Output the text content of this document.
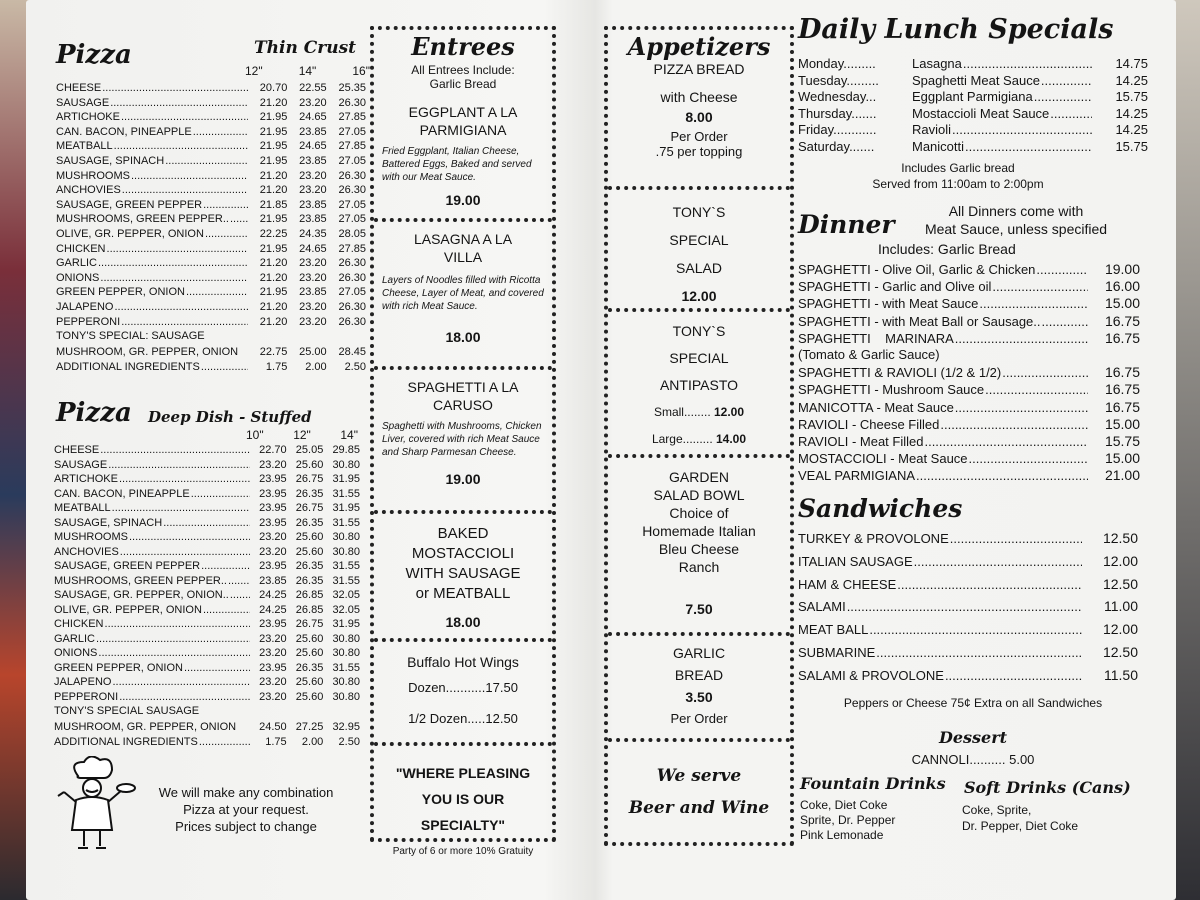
Pizza	Thin Crust
12"	14"	16"
CHEESE .....	20.70	22.55	25.35
SAUSAGE .....	21.20	23.20	26.30
ARTICHOKE .....	21.95	24.65	27.85
CAN. BACON, PINEAPPLE .....	21.95	23.85	27.05
MEATBALL .....	21.95	24.65	27.85
SAUSAGE, SPINACH .....	21.95	23.85	27.05
MUSHROOMS .....	21.20	23.20	26.30
ANCHOVIES .....	21.20	23.20	26.30
SAUSAGE, GREEN PEPPER .....	21.85	23.85	27.05
MUSHROOMS, GREEN PEPPER.. .....	21.95	23.85	27.05
OLIVE, GR. PEPPER, ONION .....	22.25	24.35	28.05
CHICKEN .....	21.95	24.65	27.85
GARLIC .....	21.20	23.20	26.30
ONIONS .....	21.20	23.20	26.30
GREEN PEPPER, ONION .....	21.95	23.85	27.05
JALAPENO .....	21.20	23.20	26.30
PEPPERONI .....	21.20	23.20	26.30
TONY'S SPECIAL: SAUSAGE
MUSHROOM, GR. PEPPER, ONION	22.75	25.00	28.45
ADDITIONAL INGREDIENTS .....	1.75	2.00	2.50
Pizza Deep Dish - Stuffed
10" 12" 14"
CHEESE .....	22.70 25.05 29.85
SAUSAGE .....	23.20 25.60 30.80
ARTICHOKE .....	23.95 26.75 31.95
CAN. BACON, PINEAPPLE .....	23.95 26.35 31.55
MEATBALL .....	23.95 26.75 31.95
SAUSAGE, SPINACH .....	23.95 26.35 31.55
MUSHROOMS .....	23.20 25.60 30.80
ANCHOVIES .....	23.20 25.60 30.80
SAUSAGE, GREEN PEPPER .....	23.95 26.35 31.55
MUSHROOMS, GREEN PEPPER.. .....	23.85 26.35 31.55
SAUSAGE, GR. PEPPER, ONION.. .....	24.25 26.85 32.05
OLIVE, GR. PEPPER, ONION .....	24.25 26.85 32.05
CHICKEN .....	23.95 26.75 31.95
GARLIC .....	23.20 25.60 30.80
ONIONS .....	23.20 25.60 30.80
GREEN PEPPER, ONION .....	23.95 26.35 31.55
JALAPENO .....	23.20 25.60 30.80
PEPPERONI .....	23.20 25.60 30.80
TONY'S SPECIAL SAUSAGE
MUSHROOM, GR. PEPPER, ONION	24.50 27.25 32.95
ADDITIONAL INGREDIENTS .....	1.75	2.00	2.50
We will make any combination
Pizza at your request.
Prices subject to change
Entrees
All Entrees Include:
Garlic Bread
EGGPLANT A LA
PARMIGIANA
Fried Eggplant, Italian Cheese, Battered Eggs, Baked and served with our Meat Sauce.
19.00
LASAGNA A LA
VILLA
Layers of Noodles filled with Ricotta Cheese, Layer of Meat, and covered with rich Meat Sauce.
18.00
SPAGHETTI A LA
CARUSO
Spaghetti with Mushrooms, Chicken Liver, covered with rich Meat Sauce and Sharp Parmesan Cheese.
19.00
BAKED
MOSTACCIOLI
WITH SAUSAGE
or MEATBALL
18.00
Buffalo Hot Wings
Dozen...........17.50
1/2 Dozen.....12.50
"WHERE PLEASING
YOU IS OUR
SPECIALTY"
Party of 6 or more 10% Gratuity
Appetizers
PIZZA BREAD
with Cheese
8.00
Per Order
.75 per topping
TONY`S
SPECIAL
SALAD
12.00
TONY`S
SPECIAL
ANTIPASTO
Small........ 12.00
Large......... 14.00
GARDEN
SALAD BOWL
Choice of
Homemade Italian
Bleu Cheese
Ranch
7.50
GARLIC
BREAD
3.50
Per Order
We serve
Beer and Wine
Daily Lunch Specials
Monday.........	Lasagna .....	14.75
Tuesday.........	Spaghetti Meat Sauce .....	14.25
Wednesday...	Eggplant Parmigiana .....	15.75
Thursday.......	Mostaccioli Meat Sauce .....	14.25
Friday............	Ravioli .....	14.25
Saturday.......	Manicotti .....	15.75
Includes Garlic bread
Served from 11:00am to 2:00pm
Dinner	All Dinners come with
Meat Sauce, unless specified
Includes: Garlic Bread
SPAGHETTI - Olive Oil, Garlic & Chicken .....	19.00
SPAGHETTI - Garlic and Olive oil .....	16.00
SPAGHETTI - with Meat Sauce .....	15.00
SPAGHETTI - with Meat Ball or Sausage.. .....	16.75
SPAGHETTI    MARINARA .....	16.75
(Tomato & Garlic Sauce)
SPAGHETTI & RAVIOLI (1/2 & 1/2) .....	16.75
SPAGHETTI - Mushroom Sauce .....	16.75
MANICOTTA - Meat Sauce .....	16.75
RAVIOLI - Cheese Filled .....	15.00
RAVIOLI - Meat Filled .....	15.75
MOSTACCIOLI - Meat Sauce .....	15.00
VEAL PARMIGIANA .....	21.00
Sandwiches
TURKEY & PROVOLONE .....	12.50
ITALIAN SAUSAGE .....	12.00
HAM & CHEESE .....	12.50
SALAMI .....	11.00
MEAT BALL .....	12.00
SUBMARINE .....	12.50
SALAMI & PROVOLONE .....	11.50
Peppers or Cheese 75¢ Extra on all Sandwiches
Dessert
CANNOLI.......... 5.00
Fountain Drinks
Coke, Diet Coke
Sprite, Dr. Pepper
Pink Lemonade
Soft Drinks (Cans)
Coke, Sprite,
Dr. Pepper, Diet Coke
